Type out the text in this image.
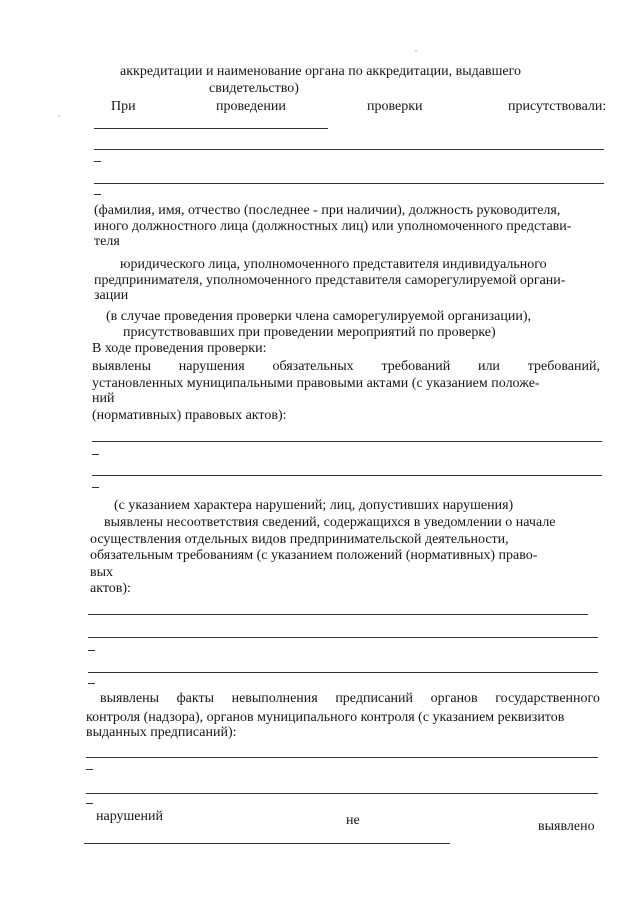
аккредитации и наименование органа по аккредитации, выдавшего
свидетельство)
При	проведении	проверки	присутствовали:
(фамилия, имя, отчество (последнее - при наличии), должность руководителя,
иного должностного лица (должностных лиц) или уполномоченного представи-
теля
юридического лица, уполномоченного представителя индивидуального
предпринимателя, уполномоченного представителя саморегулируемой органи-
зации
(в случае проведения проверки члена саморегулируемой организации),
присутствовавших при проведении мероприятий по проверке)
В ходе проведения проверки:
выявлены нарушения обязательных требований или требований,
установленных муниципальными правовыми актами (с указанием положе-
ний
(нормативных) правовых актов):
(с указанием характера нарушений; лиц, допустивших нарушения)
выявлены несоответствия сведений, содержащихся в уведомлении о начале
осуществления отдельных видов предпринимательской деятельности,
обязательным требованиям (с указанием положений (нормативных) право-
вых
актов):
выявлены факты невыполнения предписаний органов государственного
контроля (надзора), органов муниципального контроля (с указанием реквизитов
выданных предписаний):
нарушений	не	выявлено
